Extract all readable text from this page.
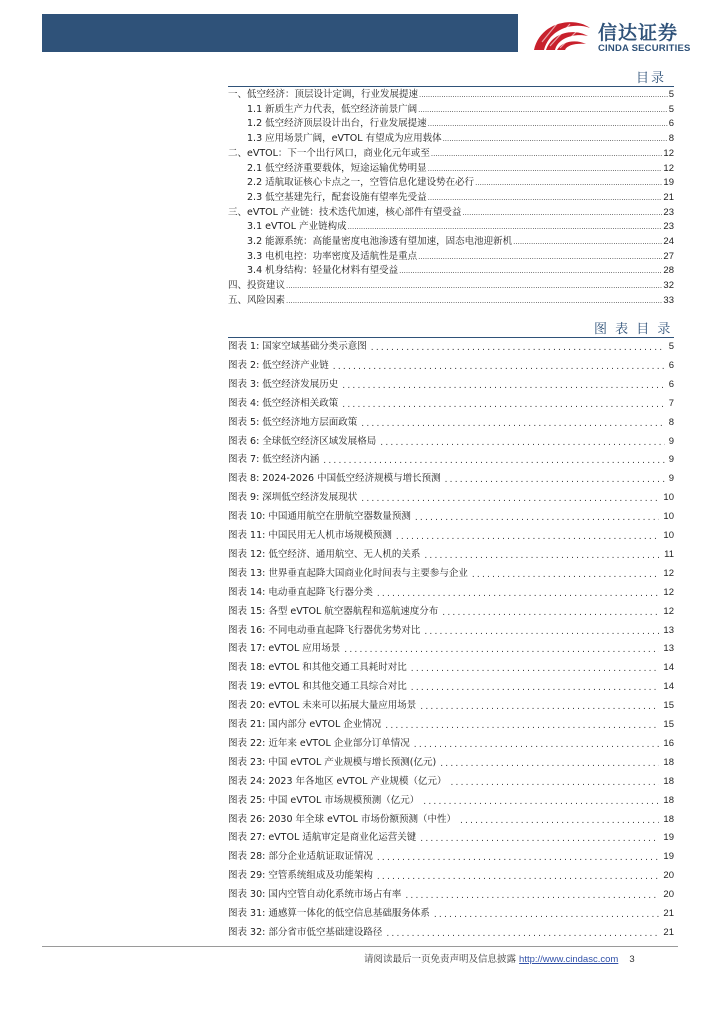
信达证券
CINDA SECURITIES
目录
一、低空经济：顶层设计定调，行业发展提速 .....	5
1.1 新质生产力代表，低空经济前景广阔 .....	5
1.2 低空经济顶层设计出台，行业发展提速 .....	6
1.3 应用场景广阔，eVTOL 有望成为应用载体 .....	8
二、eVTOL：下一个出行风口，商业化元年或至 .....	12
2.1 低空经济重要载体，短途运输优势明显 .....	12
2.2 适航取证核心卡点之一，空管信息化建设势在必行 .....	19
2.3 低空基建先行，配套设施有望率先受益 .....	21
三、eVTOL 产业链：技术迭代加速，核心部件有望受益 .....	23
3.1 eVTOL 产业链构成 .....	23
3.2 能源系统：高能量密度电池渗透有望加速，固态电池迎新机 .....	24
3.3 电机电控：功率密度及适航性是重点 .....	27
3.4 机身结构：轻量化材料有望受益 .....	28
四、投资建议 .....	32
五、风险因素 .....	33
图 表 目 录
图表 1: 国家空域基础分类示意图 .....	5
图表 2: 低空经济产业链 .....	6
图表 3: 低空经济发展历史 .....	6
图表 4: 低空经济相关政策 .....	7
图表 5: 低空经济地方层面政策 .....	8
图表 6: 全球低空经济区域发展格局 .....	9
图表 7: 低空经济内涵 .....	9
图表 8: 2024-2026 中国低空经济规模与增长预测 .....	9
图表 9: 深圳低空经济发展现状 .....	10
图表 10: 中国通用航空在册航空器数量预测 .....	10
图表 11: 中国民用无人机市场规模预测 .....	10
图表 12: 低空经济、通用航空、无人机的关系 .....	11
图表 13: 世界垂直起降大国商业化时间表与主要参与企业 .....	12
图表 14: 电动垂直起降飞行器分类 .....	12
图表 15: 各型 eVTOL 航空器航程和巡航速度分布 .....	12
图表 16: 不同电动垂直起降飞行器优劣势对比 .....	13
图表 17: eVTOL 应用场景 .....	13
图表 18: eVTOL 和其他交通工具耗时对比 .....	14
图表 19: eVTOL 和其他交通工具综合对比 .....	14
图表 20: eVTOL 未来可以拓展大量应用场景 .....	15
图表 21: 国内部分 eVTOL 企业情况 .....	15
图表 22: 近年来 eVTOL 企业部分订单情况 .....	16
图表 23: 中国 eVTOL 产业规模与增长预测(亿元) .....	18
图表 24: 2023 年各地区 eVTOL 产业规模（亿元） .....	18
图表 25: 中国 eVTOL 市场规模预测（亿元） .....	18
图表 26: 2030 年全球 eVTOL 市场份额预测（中性） .....	18
图表 27: eVTOL 适航审定是商业化运营关键 .....	19
图表 28: 部分企业适航证取证情况 .....	19
图表 29: 空管系统组成及功能架构 .....	20
图表 30: 国内空管自动化系统市场占有率 .....	20
图表 31: 通感算一体化的低空信息基础服务体系 .....	21
图表 32: 部分省市低空基础建设路径 .....	21
请阅读最后一页免责声明及信息披露 http://www.cindasc.com 3
